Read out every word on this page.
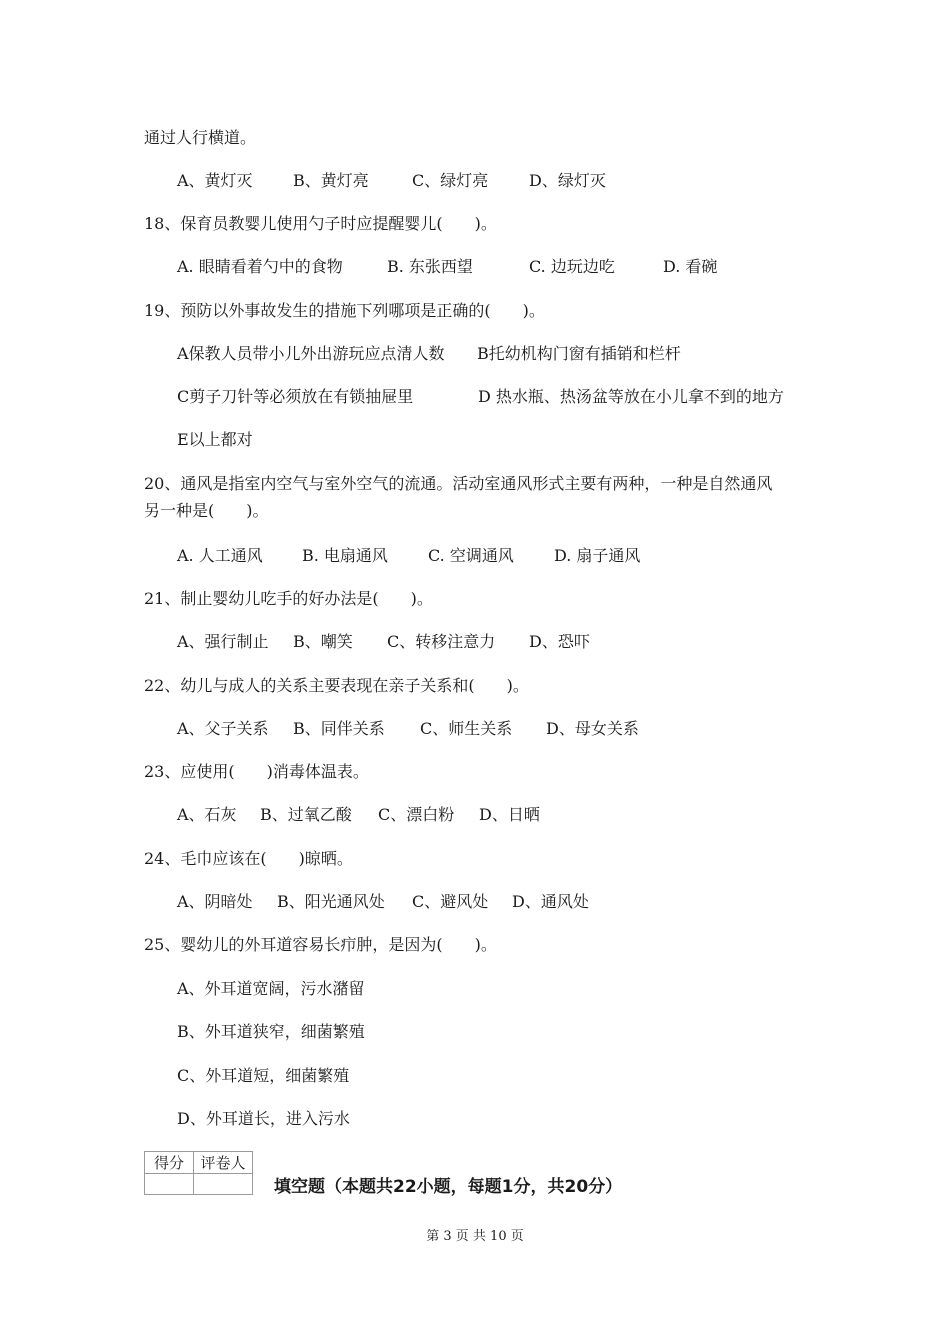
通过人行横道。

A、黄灯灭	B、黄灯亮	C、绿灯亮	D、绿灯灭

18、保育员教婴儿使用勺子时应提醒婴儿(　　)。

A. 眼睛看着勺中的食物	B. 东张西望	C. 边玩边吃	D. 看碗

19、预防以外事故发生的措施下列哪项是正确的(　　)。

A保教人员带小儿外出游玩应点清人数 B托幼机构门窗有插销和栏杆
C剪子刀针等必须放在有锁抽屉里	D 热水瓶、热汤盆等放在小儿拿不到的地方
E以上都对

20、通风是指室内空气与室外空气的流通。活动室通风形式主要有两种，一种是自然通风

另一种是(　　)。

A. 人工通风 B. 电扇通风	C. 空调通风	D. 扇子通风

21、制止婴幼儿吃手的好办法是(　　)。

A、强行制止 B、嘲笑 C、转移注意力 D、恐吓

22、幼儿与成人的关系主要表现在亲子关系和(　　)。

A、父子关系 B、同伴关系 C、师生关系 D、母女关系

23、应使用(　　)消毒体温表。

A、石灰 B、过氧乙酸 C、漂白粉 D、日晒

24、毛巾应该在(　　)晾晒。

A、阴暗处 B、阳光通风处 C、避风处 D、通风处

25、婴幼儿的外耳道容易长疖肿，是因为(　　)。

A、外耳道宽阔，污水潴留
B、外耳道狭窄，细菌繁殖
C、外耳道短，细菌繁殖
D、外耳道长，进入污水
得分	评卷人

填空题（本题共22小题，每题1分，共20分）
第 3 页 共 10 页
